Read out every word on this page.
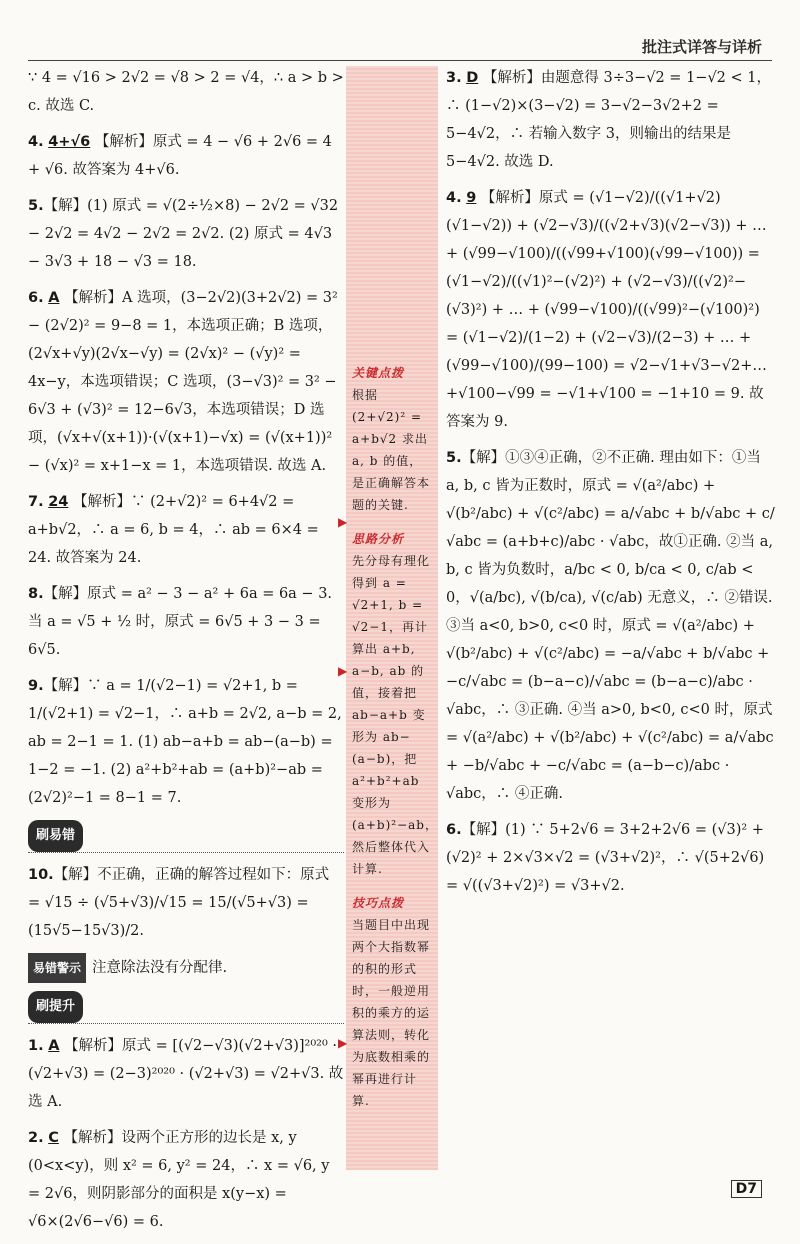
批注式详答与详析

∵ 4 = √16 > 2√2 = √8 > 2 = √4，∴ a > b > c. 故选 C.

4. 4+√6 【解析】原式 = 4 − √6 + 2√6 = 4 + √6. 故答案为 4+√6.

5.【解】(1) 原式 = √(2÷½×8) − 2√2 = √32 − 2√2 = 4√2 − 2√2 = 2√2. (2) 原式 = 4√3 − 3√3 + 18 − √3 = 18.

6. A 【解析】A 选项，(3−2√2)(3+2√2) = 3² − (2√2)² = 9−8 = 1，本选项正确；B 选项，(2√x+√y)(2√x−√y) = (2√x)² − (√y)² = 4x−y，本选项错误；C 选项，(3−√3)² = 3² − 6√3 + (√3)² = 12−6√3，本选项错误；D 选项，(√x+√(x+1))·(√(x+1)−√x) = (√(x+1))² − (√x)² = x+1−x = 1，本选项错误. 故选 A.

7. 24 【解析】∵ (2+√2)² = 6+4√2 = a+b√2，∴ a = 6, b = 4，∴ ab = 6×4 = 24. 故答案为 24.

8.【解】原式 = a² − 3 − a² + 6a = 6a − 3. 当 a = √5 + ½ 时，原式 = 6√5 + 3 − 3 = 6√5.

9.【解】∵ a = 1/(√2−1) = √2+1, b = 1/(√2+1) = √2−1，∴ a+b = 2√2, a−b = 2, ab = 2−1 = 1. (1) ab−a+b = ab−(a−b) = 1−2 = −1. (2) a²+b²+ab = (a+b)²−ab = (2√2)²−1 = 8−1 = 7.

刷易错

10.【解】不正确，正确的解答过程如下：原式 = √15 ÷ (√5+√3)/√15 = 15/(√5+√3) = (15√5−15√3)/2.

易错警示 注意除法没有分配律.

刷提升

1. A 【解析】原式 = [(√2−√3)(√2+√3)]²⁰²⁰ · (√2+√3) = (2−3)²⁰²⁰ · (√2+√3) = √2+√3. 故选 A.

2. C 【解析】设两个正方形的边长是 x, y (0<x<y)，则 x² = 6, y² = 24，∴ x = √6, y = 2√6，则阴影部分的面积是 x(y−x) = √6×(2√6−√6) = 6.

关键点拨
根据 (2+√2)² = a+b√2 求出 a, b 的值，是正确解答本题的关键.
思路分析
先分母有理化得到 a = √2+1, b = √2−1，再计算出 a+b, a−b, ab 的值，接着把 ab−a+b 变形为 ab−(a−b)，把 a²+b²+ab 变形为 (a+b)²−ab，然后整体代入计算.
技巧点拨
当题目中出现两个大指数幂的积的形式时，一般逆用积的乘方的运算法则，转化为底数相乘的幂再进行计算.
▶
▶
▶

3. D 【解析】由题意得 3÷3−√2 = 1−√2 < 1，∴ (1−√2)×(3−√2) = 3−√2−3√2+2 = 5−4√2，∴ 若输入数字 3，则输出的结果是 5−4√2. 故选 D.

4. 9 【解析】原式 = (√1−√2)/((√1+√2)(√1−√2)) + (√2−√3)/((√2+√3)(√2−√3)) + … + (√99−√100)/((√99+√100)(√99−√100)) = (√1−√2)/((√1)²−(√2)²) + (√2−√3)/((√2)²−(√3)²) + … + (√99−√100)/((√99)²−(√100)²) = (√1−√2)/(1−2) + (√2−√3)/(2−3) + … + (√99−√100)/(99−100) = √2−√1+√3−√2+…+√100−√99 = −√1+√100 = −1+10 = 9. 故答案为 9.

5.【解】①③④正确，②不正确. 理由如下：①当 a, b, c 皆为正数时，原式 = √(a²/abc) + √(b²/abc) + √(c²/abc) = a/√abc + b/√abc + c/√abc = (a+b+c)/abc · √abc，故①正确. ②当 a, b, c 皆为负数时，a/bc < 0, b/ca < 0, c/ab < 0，√(a/bc), √(b/ca), √(c/ab) 无意义，∴ ②错误. ③当 a<0, b>0, c<0 时，原式 = √(a²/abc) + √(b²/abc) + √(c²/abc) = −a/√abc + b/√abc + −c/√abc = (b−a−c)/√abc = (b−a−c)/abc · √abc，∴ ③正确. ④当 a>0, b<0, c<0 时，原式 = √(a²/abc) + √(b²/abc) + √(c²/abc) = a/√abc + −b/√abc + −c/√abc = (a−b−c)/abc · √abc，∴ ④正确.

6.【解】(1) ∵ 5+2√6 = 3+2+2√6 = (√3)² + (√2)² + 2×√3×√2 = (√3+√2)²，∴ √(5+2√6) = √((√3+√2)²) = √3+√2.

D7
